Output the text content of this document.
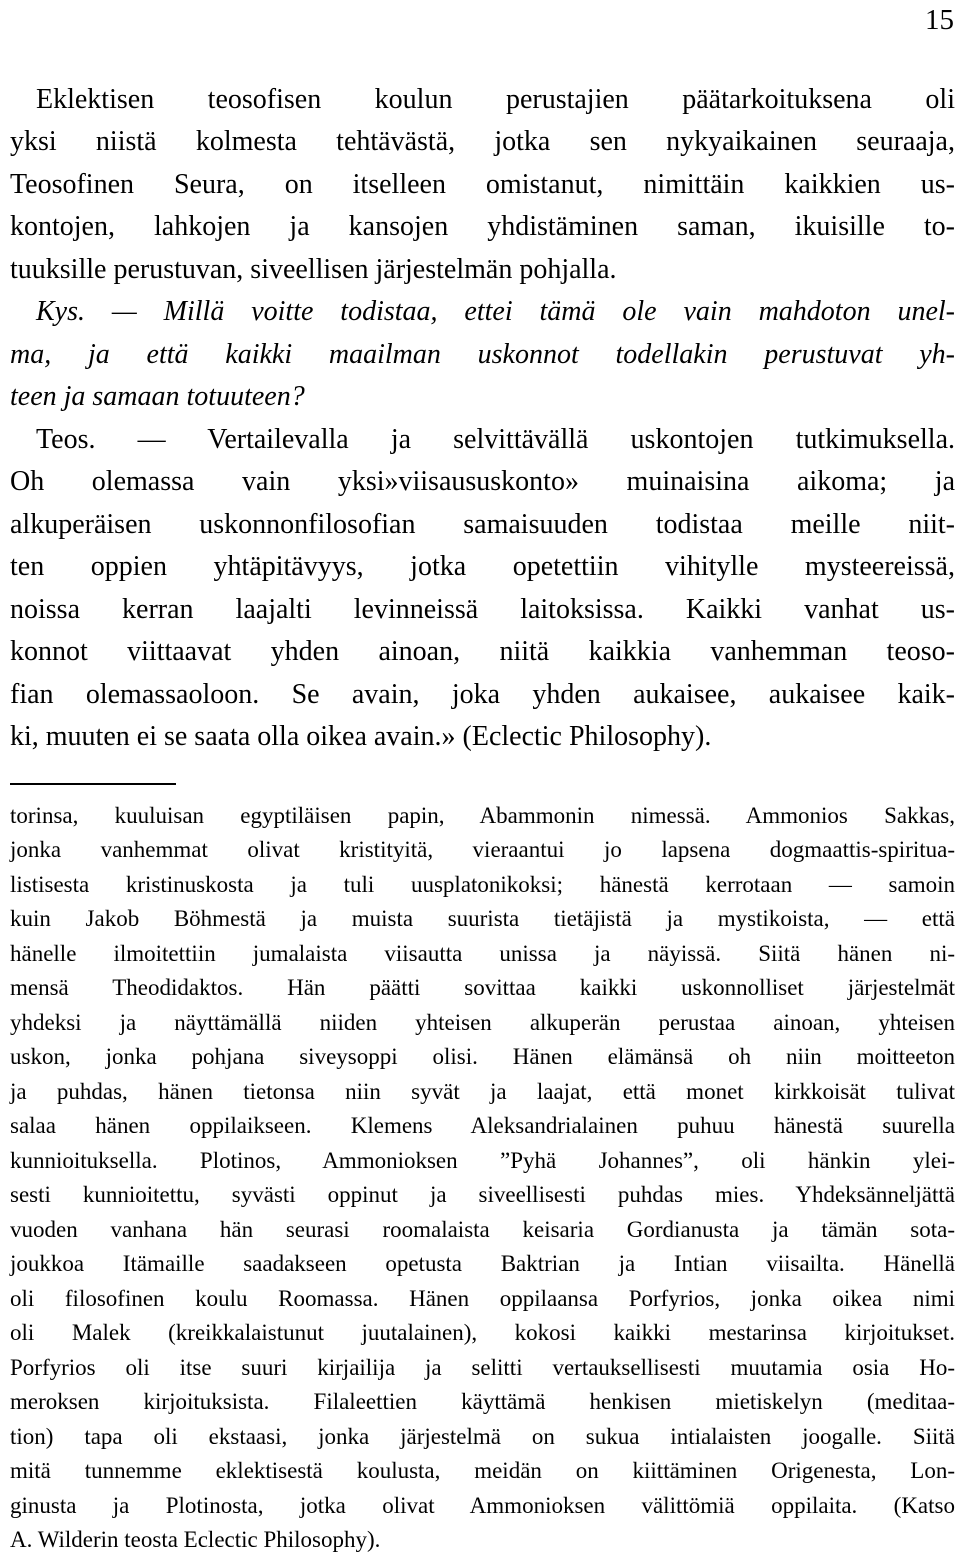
15
Eklektisen teosofisen koulun perustajien päätarkoituksena oli
yksi niistä kolmesta tehtävästä, jotka sen nykyaikainen seuraaja,
Teosofinen Seura, on itselleen omistanut, nimittäin kaikkien us-
kontojen, lahkojen ja kansojen yhdistäminen saman, ikuisille to-
tuuksille perustuvan, siveellisen järjestelmän pohjalla.
Kys. — Millä voitte todistaa, ettei tämä ole vain mahdoton unel-
ma, ja että kaikki maailman uskonnot todellakin perustuvat yh-
teen ja samaan totuuteen?
Teos. — Vertailevalla ja selvittävällä uskontojen tutkimuksella.
Oh olemassa vain yksi»viisaususkonto» muinaisina aikoma; ja
alkuperäisen uskonnonfilosofian samaisuuden todistaa meille niit-
ten oppien yhtäpitävyys, jotka opetettiin vihitylle mysteereissä,
noissa kerran laajalti levinneissä laitoksissa. Kaikki vanhat us-
konnot viittaavat yhden ainoan, niitä kaikkia vanhemman teoso-
fian olemassaoloon. Se avain, joka yhden aukaisee, aukaisee kaik-
ki, muuten ei se saata olla oikea avain.» (Eclectic Philosophy).
torinsa, kuuluisan egyptiläisen papin, Abammonin nimessä. Ammonios Sakkas,
jonka vanhemmat olivat kristityitä, vieraantui jo lapsena dogmaattis-spiritua-
listisesta kristinuskosta ja tuli uusplatonikoksi; hänestä kerrotaan — samoin
kuin Jakob Böhmestä ja muista suurista tietäjistä ja mystikoista, — että
hänelle ilmoitettiin jumalaista viisautta unissa ja näyissä. Siitä hänen ni-
mensä Theodidaktos. Hän päätti sovittaa kaikki uskonnolliset järjestelmät
yhdeksi ja näyttämällä niiden yhteisen alkuperän perustaa ainoan, yhteisen
uskon, jonka pohjana siveysoppi olisi. Hänen elämänsä oh niin moitteeton
ja puhdas, hänen tietonsa niin syvät ja laajat, että monet kirkkoisät tulivat
salaa hänen oppilaikseen. Klemens Aleksandrialainen puhuu hänestä suurella
kunnioituksella. Plotinos, Ammonioksen ”Pyhä Johannes”, oli hänkin ylei-
sesti kunnioitettu, syvästi oppinut ja siveellisesti puhdas mies. Yhdeksänneljättä
vuoden vanhana hän seurasi roomalaista keisaria Gordianusta ja tämän sota-
joukkoa Itämaille saadakseen opetusta Baktrian ja Intian viisailta. Hänellä
oli filosofinen koulu Roomassa. Hänen oppilaansa Porfyrios, jonka oikea nimi
oli Malek (kreikkalaistunut juutalainen), kokosi kaikki mestarinsa kirjoitukset.
Porfyrios oli itse suuri kirjailija ja selitti vertauksellisesti muutamia osia Ho-
meroksen kirjoituksista. Filaleettien käyttämä henkisen mietiskelyn (meditaa-
tion) tapa oli ekstaasi, jonka järjestelmä on sukua intialaisten joogalle. Siitä
mitä tunnemme eklektisestä koulusta, meidän on kiittäminen Origenesta, Lon-
ginusta ja Plotinosta, jotka olivat Ammonioksen välittömiä oppilaita. (Katso
A. Wilderin teosta Eclectic Philosophy).
